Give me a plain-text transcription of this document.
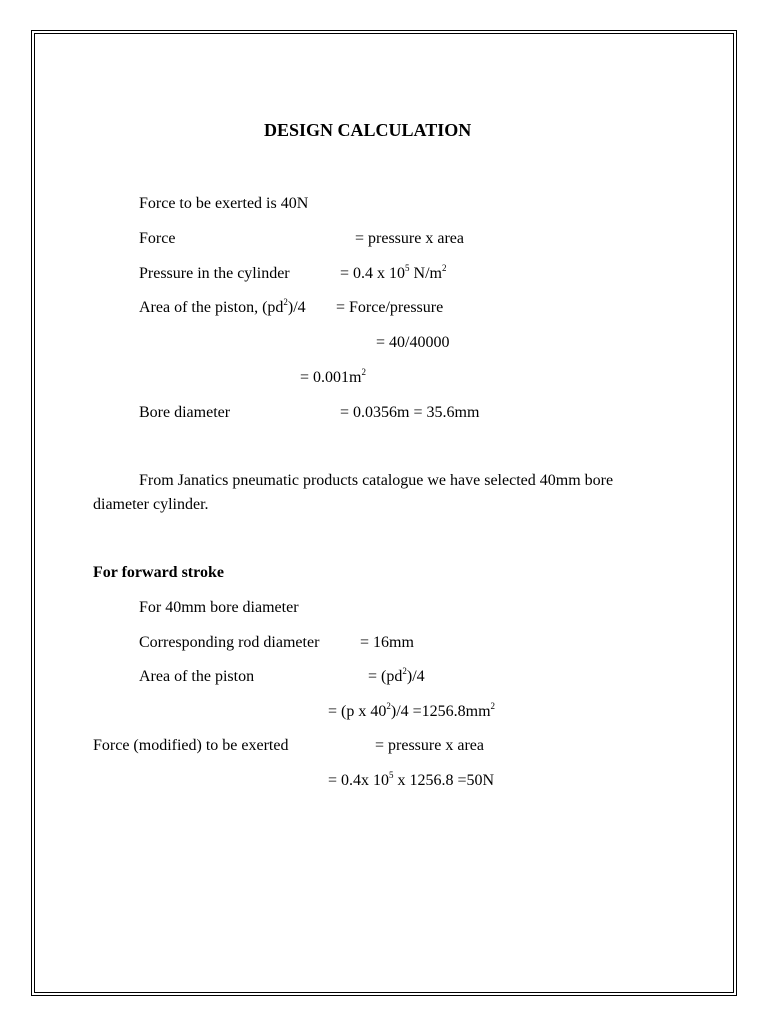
DESIGN CALCULATION
Force to be exerted is 40N
Force	= pressure x area
Pressure in the cylinder	= 0.4 x $10^5$ $N/m^2$
Area of the piston, $(pd^2)/4$ = Force/pressure
= 40/40000
= $0.001m^2$
Bore diameter	= 0.0356m = 35.6mm
From Janatics pneumatic products catalogue we have selected 40mm bore
diameter cylinder.
For forward stroke
For 40mm bore diameter
Corresponding rod diameter	= 16mm
Area of the piston	= $(pd^2)/4$
= (p x $40^2)/4 =1256.8mm^2$
Force (modified) to be exerted	= pressure x area
= 0.4x $10^5$ x 1256.8 =50N
